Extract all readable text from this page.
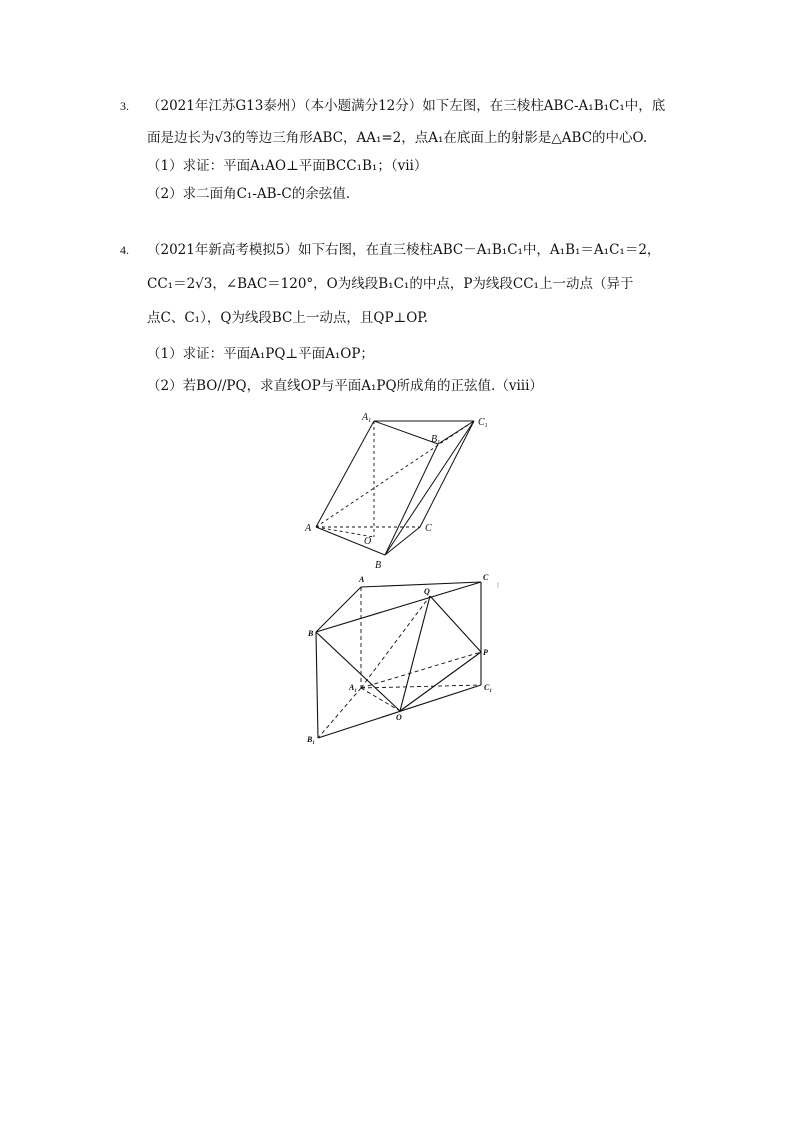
3. （2021年江苏G13泰州）（本小题满分12分）如下左图，在三棱柱ABC-A₁B₁C₁中，底
面是边长为√3的等边三角形ABC，AA₁=2，点A₁在底面上的射影是△ABC的中心O.
（1）求证：平面A₁AO⊥平面BCC₁B₁；（vii）
（2）求二面角C₁-AB-C的余弦值.
4. （2021年新高考模拟5）如下右图，在直三棱柱ABC－A₁B₁C₁中，A₁B₁＝A₁C₁＝2，
CC₁＝2√3，∠BAC＝120°，O为线段B₁C₁的中点，P为线段CC₁上一动点（异于
点C、C₁），Q为线段BC上一动点，且QP⊥OP.
（1）求证：平面A₁PQ⊥平面A₁OP；
（2）若BO//PQ，求直线OP与平面A₁PQ所成角的正弦值.（viii）
$A_1$	$C_1$
$B_1$
A	C
O
B
A	C
Q
B
P
$A_1$	$C_1$
O
$B_1$
